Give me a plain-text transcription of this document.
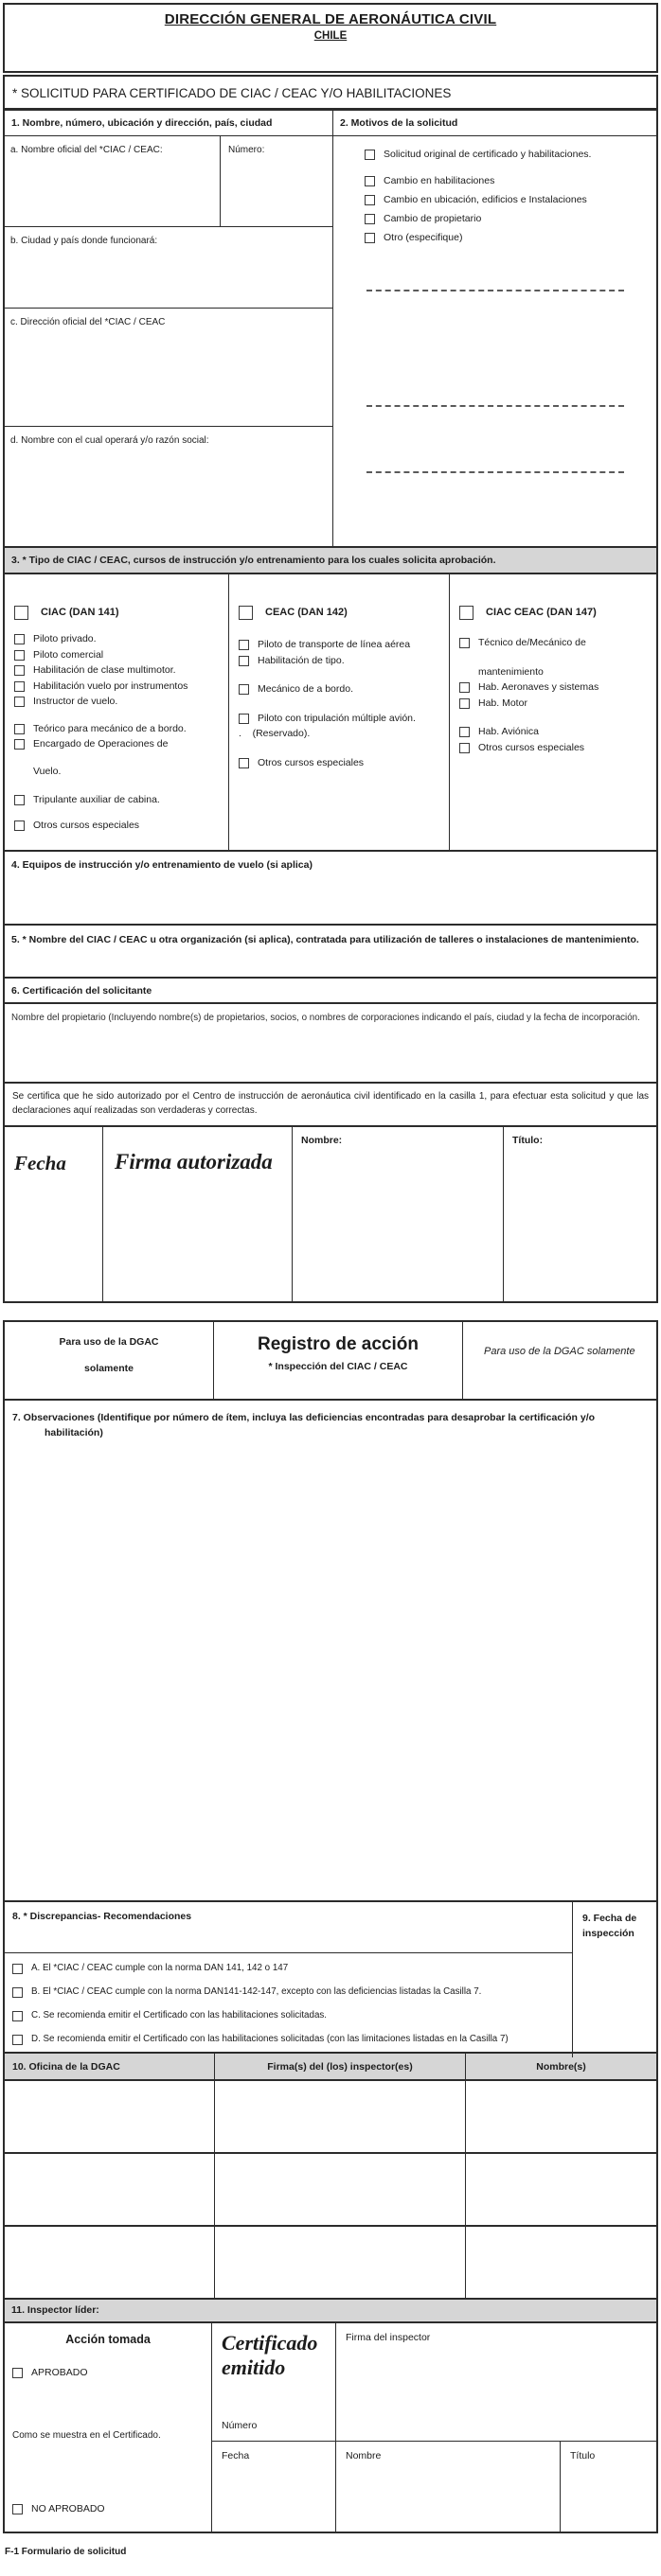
DIRECCIÓN GENERAL DE AERONÁUTICA CIVIL
CHILE
* SOLICITUD PARA CERTIFICADO DE CIAC / CEAC Y/O HABILITACIONES
1. Nombre, número, ubicación y dirección, país, ciudad	2. Motivos de la solicitud
a. Nombre oficial del *CIAC / CEAC:	Número:	Solicitud original de certificado y habilitaciones.
Cambio en habilitaciones
Cambio en ubicación, edificios e Instalaciones
Cambio de propietario
Otro (especifique)
b. Ciudad y país donde funcionará:
c. Dirección oficial del *CIAC / CEAC
d. Nombre con el cual operará y/o razón social:
3. * Tipo de CIAC / CEAC, cursos de instrucción y/o entrenamiento para los cuales solicita aprobación.
CIAC (DAN 141)
Piloto privado.
Piloto comercial
Habilitación de clase multimotor.
Habilitación vuelo por instrumentos
Instructor de vuelo.
Teórico para mecánico de a bordo.
Encargado de Operaciones de
Vuelo.
Tripulante auxiliar de cabina.
Otros cursos especiales
CEAC (DAN 142)
Piloto de transporte de línea aérea
Habilitación de tipo.
Mecánico de a bordo.
Piloto con tripulación múltiple avión.
.    (Reservado).
Otros cursos especiales
CIAC CEAC (DAN 147)
Técnico de/Mecánico de
mantenimiento
Hab. Aeronaves y sistemas
Hab. Motor
Hab. Aviónica
Otros cursos especiales
4. Equipos de instrucción y/o entrenamiento de vuelo (si aplica)
5. * Nombre del CIAC / CEAC u otra organización (si aplica), contratada para utilización de talleres o instalaciones de mantenimiento.
6. Certificación del solicitante
Nombre del propietario (Incluyendo nombre(s) de propietarios, socios, o nombres de corporaciones indicando el país, ciudad y la fecha de incorporación.
Se certifica que he sido autorizado por el Centro de instrucción de aeronáutica civil identificado en la casilla 1, para efectuar esta solicitud y que las declaraciones aquí realizadas son verdaderas y correctas.
Fecha	Firma autorizada
Nombre:	Título:
Para uso de la DGAC
solamente
Registro de acción
* Inspección del CIAC / CEAC
Para uso de la DGAC solamente
7. Observaciones (Identifique por número de ítem, incluya las deficiencias encontradas para desaprobar la certificación y/o habilitación)
8. * Discrepancias- Recomendaciones	9. Fecha de inspección
A. El *CIAC / CEAC cumple con la norma DAN 141, 142 o 147
B. El *CIAC / CEAC cumple con la norma DAN141-142-147, excepto con las deficiencias listadas la Casilla 7.
C. Se recomienda emitir el Certificado con las habilitaciones solicitadas.
D. Se recomienda emitir el Certificado con las habilitaciones solicitadas (con las limitaciones listadas en la Casilla 7)
10. Oficina de la DGAC	Firma(s) del (los) inspector(es)	Nombre(s)
11. Inspector líder:
Acción tomada
APROBADO
Como se muestra en el Certificado.
NO APROBADO
Certificado emitido
Número
Firma del inspector
Fecha	Nombre	Título
F-1 Formulario de solicitud
